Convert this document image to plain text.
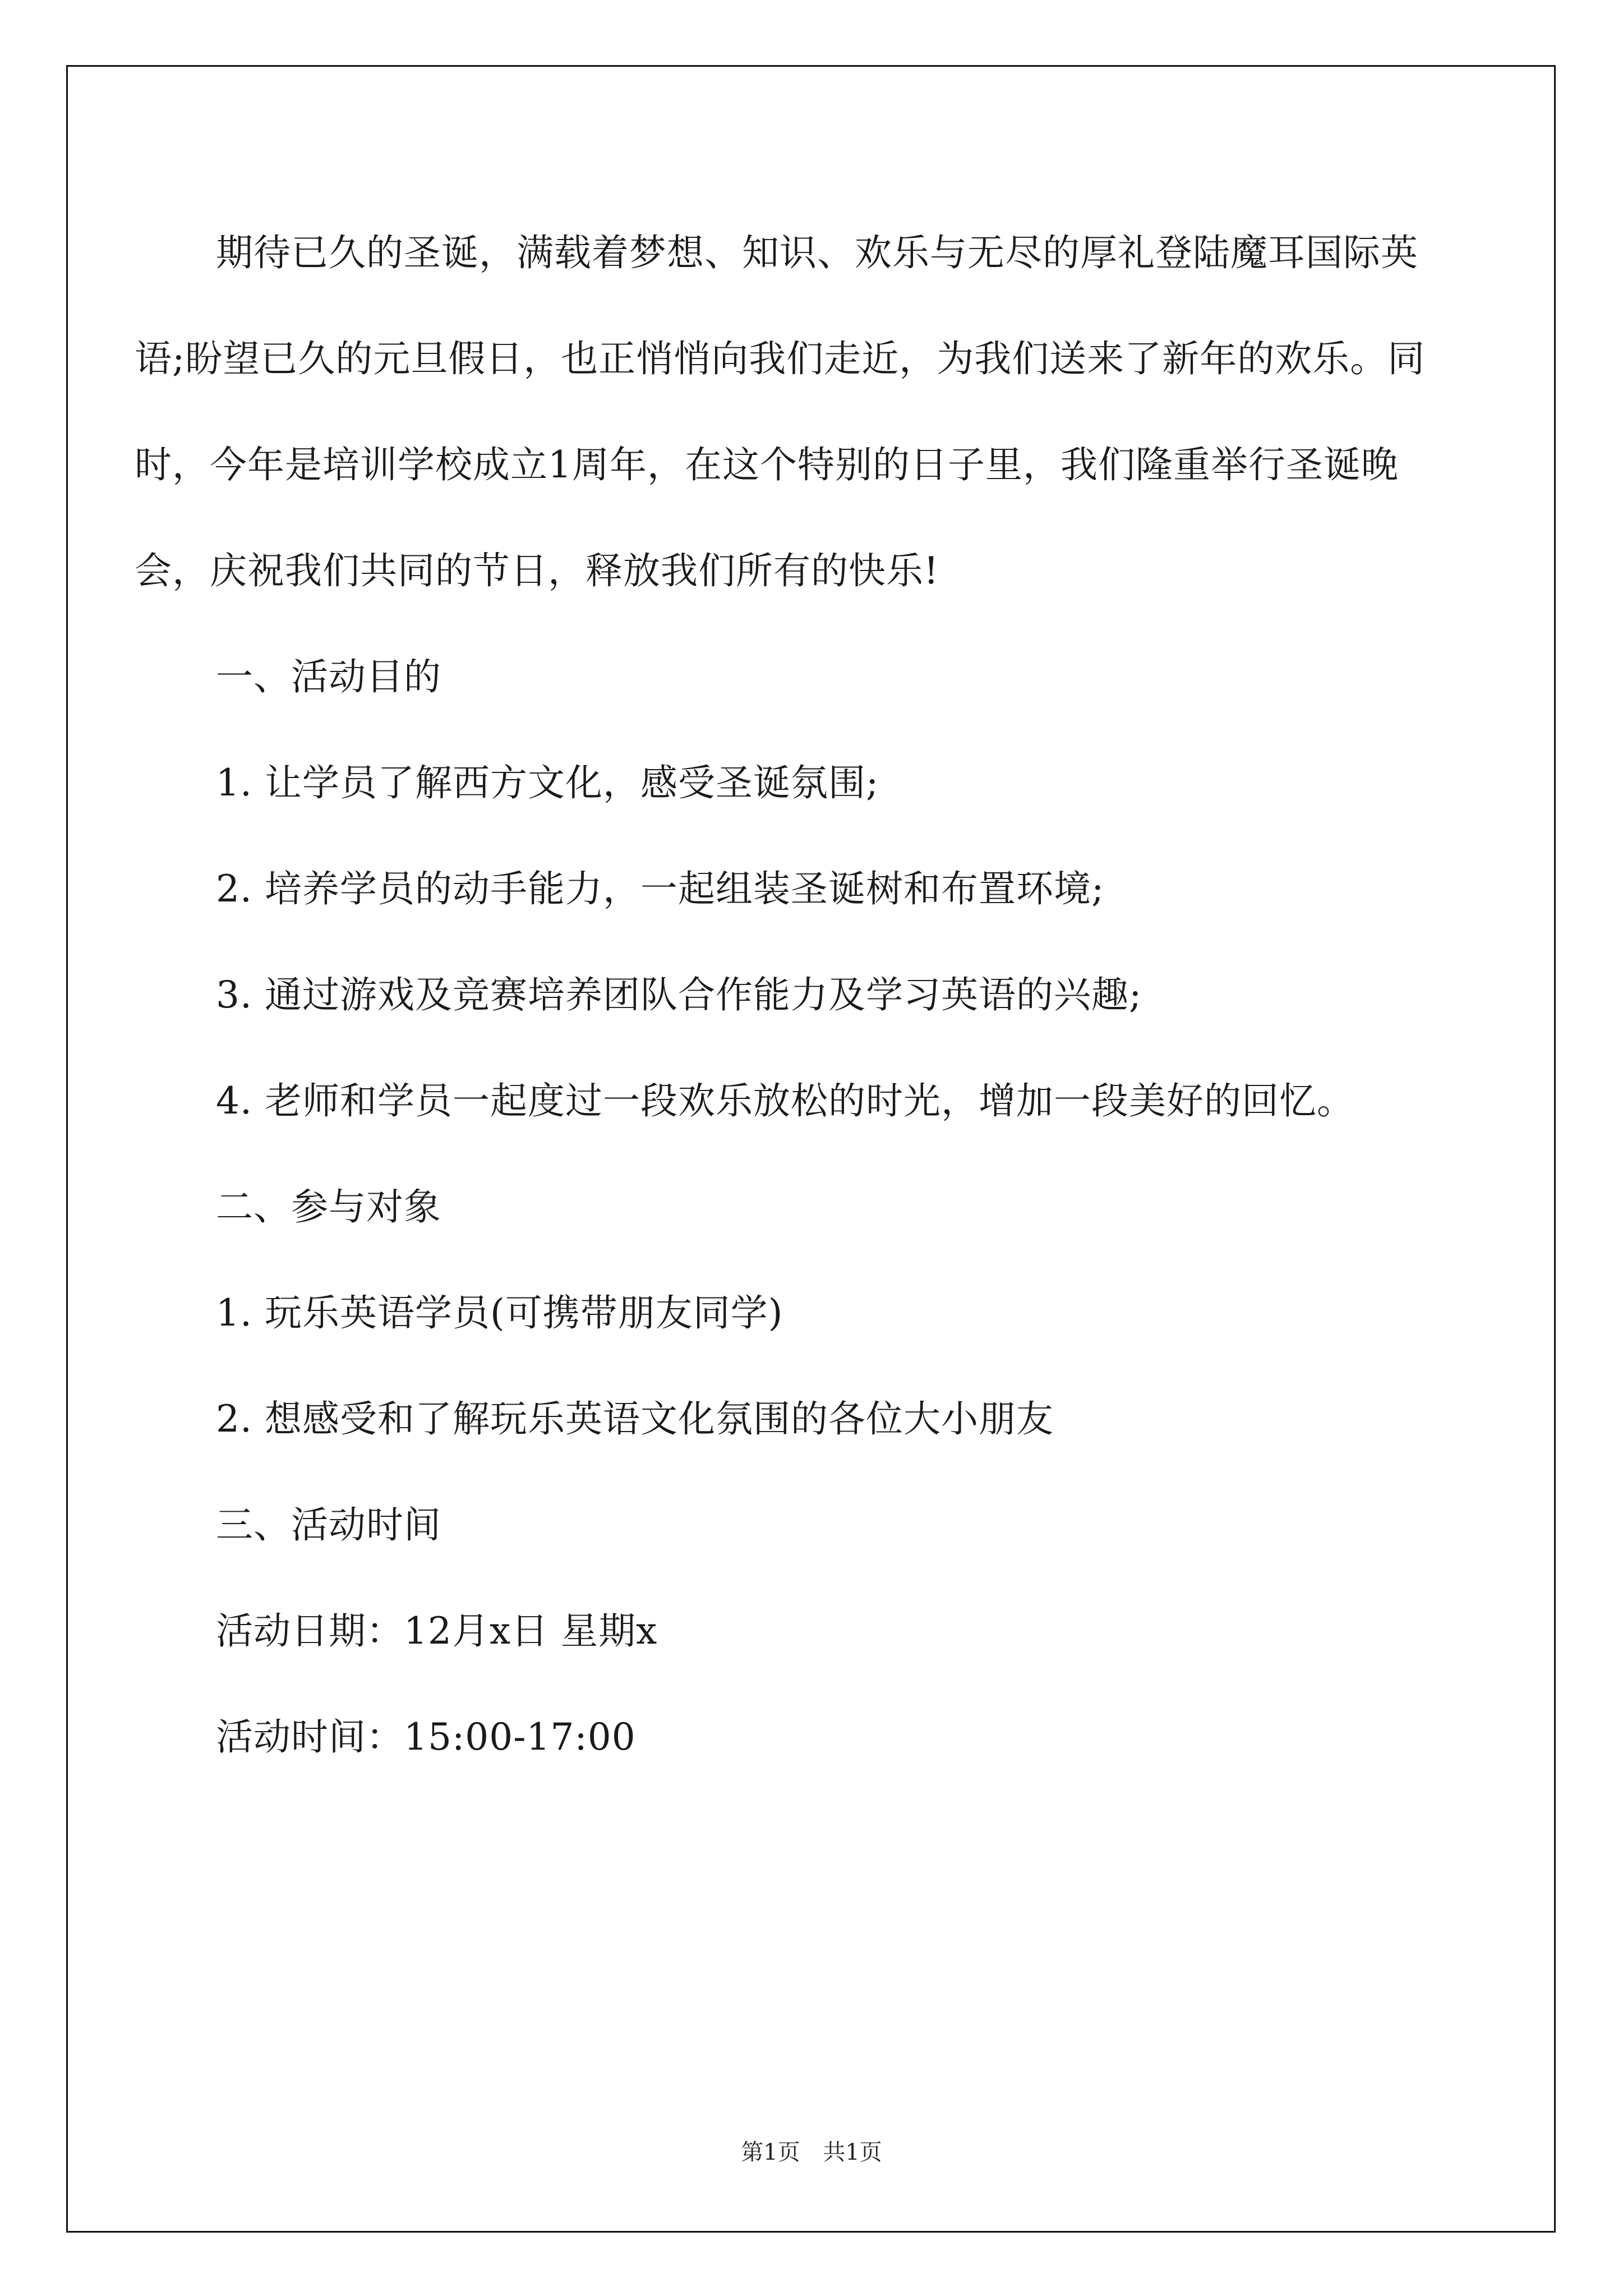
期待已久的圣诞，满载着梦想、知识、欢乐与无尽的厚礼登陆魔耳国际英语;盼望已久的元旦假日，也正悄悄向我们走近，为我们送来了新年的欢乐。同时，今年是培训学校成立1周年，在这个特别的日子里，我们隆重举行圣诞晚会，庆祝我们共同的节日，释放我们所有的快乐!

一、活动目的

1. 让学员了解西方文化，感受圣诞氛围;

2. 培养学员的动手能力，一起组装圣诞树和布置环境;

3. 通过游戏及竞赛培养团队合作能力及学习英语的兴趣;

4. 老师和学员一起度过一段欢乐放松的时光，增加一段美好的回忆。

二、参与对象

1. 玩乐英语学员(可携带朋友同学)

2. 想感受和了解玩乐英语文化氛围的各位大小朋友

三、活动时间

活动日期：12月x日 星期x

活动时间：15:00-17:00

第1页 共1页
